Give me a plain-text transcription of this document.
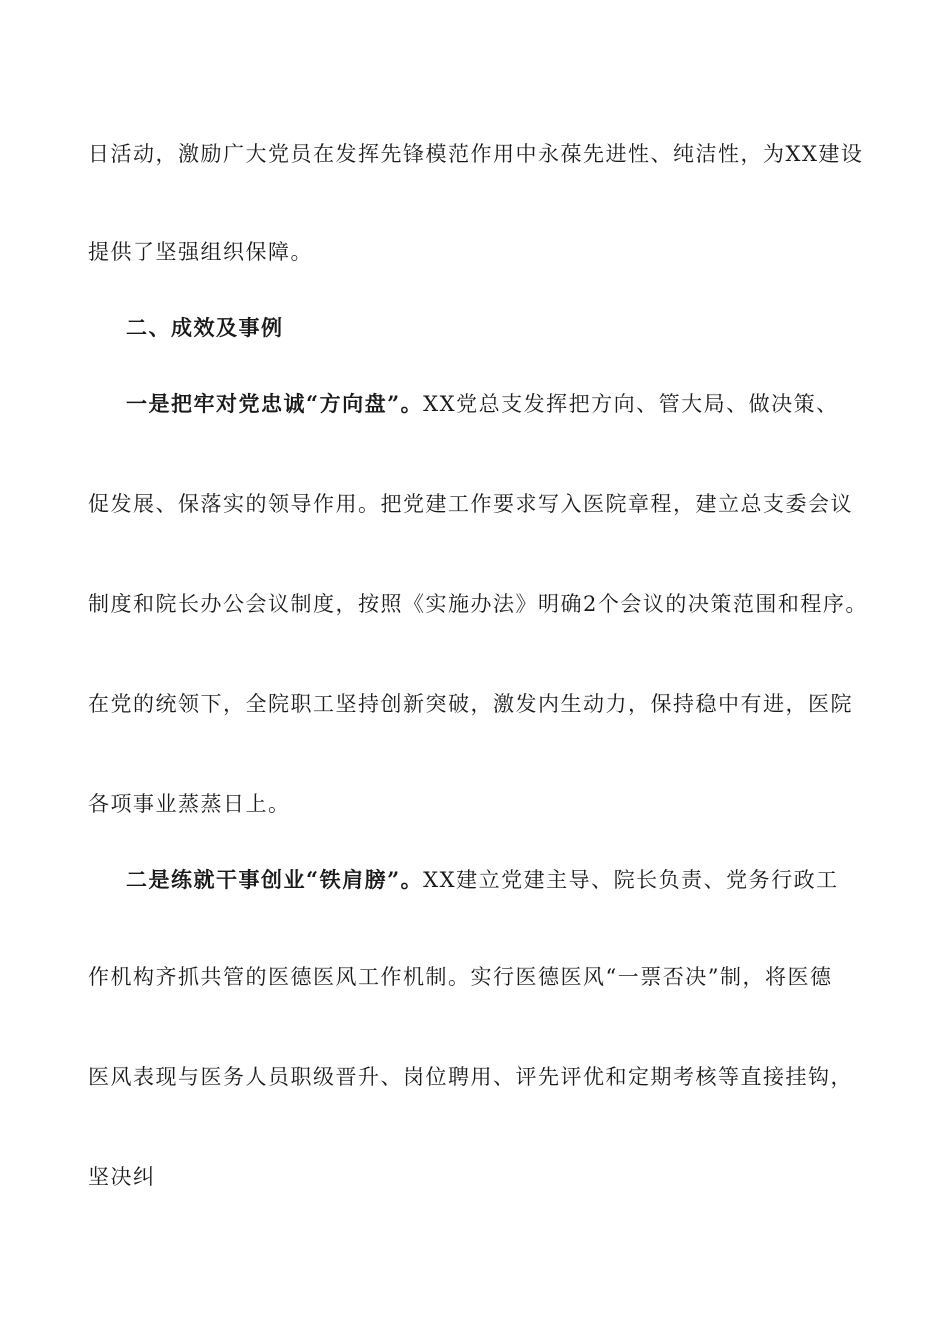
日活动，激励广大党员在发挥先锋模范作用中永葆先进性、纯洁性，为XX建设
提供了坚强组织保障。
二、成效及事例
一是把牢对党忠诚“方向盘”。XX党总支发挥把方向、管大局、做决策、
促发展、保落实的领导作用。把党建工作要求写入医院章程，建立总支委会议
制度和院长办公会议制度，按照《实施办法》明确2个会议的决策范围和程序。
在党的统领下，全院职工坚持创新突破，激发内生动力，保持稳中有进，医院
各项事业蒸蒸日上。
二是练就干事创业“铁肩膀”。XX建立党建主导、院长负责、党务行政工
作机构齐抓共管的医德医风工作机制。实行医德医风“一票否决”制，将医德
医风表现与医务人员职级晋升、岗位聘用、评先评优和定期考核等直接挂钩，
坚决纠
